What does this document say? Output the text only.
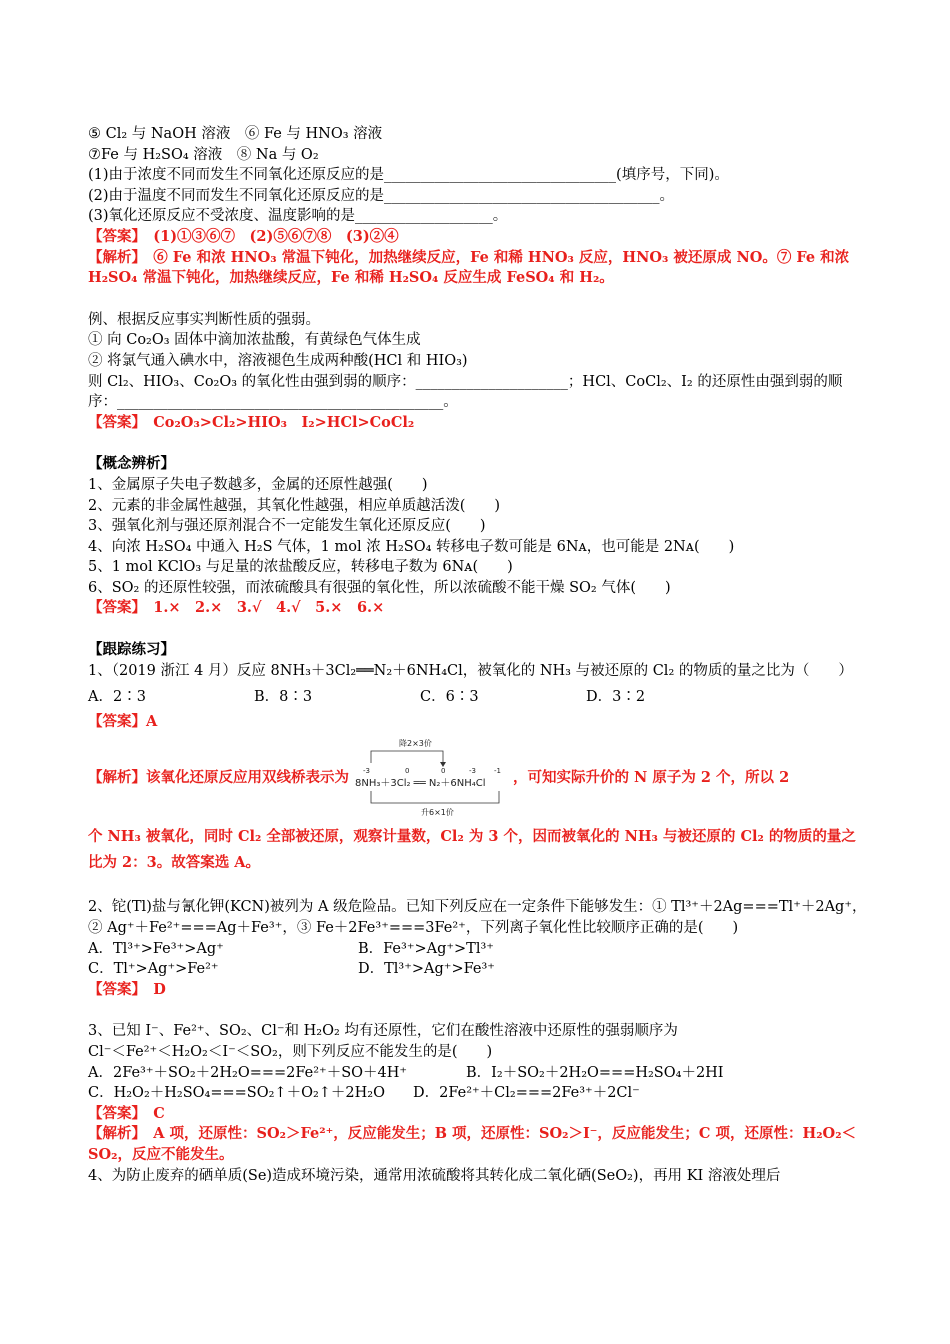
⑤ Cl₂ 与 NaOH 溶液　⑥ Fe 与 HNO₃ 溶液
⑦Fe 与 H₂SO₄ 溶液　⑧ Na 与 O₂
(1)由于浓度不同而发生不同氧化还原反应的是________________________________(填序号，下同)。
(2)由于温度不同而发生不同氧化还原反应的是______________________________________。
(3)氧化还原反应不受浓度、温度影响的是___________________。
【答案】　(1)①③⑥⑦　(2)⑤⑥⑦⑧　(3)②④
【解析】　⑥ Fe 和浓 HNO₃ 常温下钝化，加热继续反应，Fe 和稀 HNO₃ 反应，HNO₃ 被还原成 NO。⑦ Fe 和浓 H₂SO₄ 常温下钝化，加热继续反应，Fe 和稀 H₂SO₄ 反应生成 FeSO₄ 和 H₂。
例、根据反应事实判断性质的强弱。
① 向 Co₂O₃ 固体中滴加浓盐酸，有黄绿色气体生成
② 将氯气通入碘水中，溶液褪色生成两种酸(HCl 和 HIO₃)
则 Cl₂、HIO₃、Co₂O₃ 的氧化性由强到弱的顺序：_____________________；HCl、CoCl₂、I₂ 的还原性由强到弱的顺序：_____________________________________________。
【答案】　Co₂O₃>Cl₂>HIO₃　I₂>HCl>CoCl₂
【概念辨析】
1、金属原子失电子数越多，金属的还原性越强(　　)
2、元素的非金属性越强，其氧化性越强，相应单质越活泼(　　)
3、强氧化剂与强还原剂混合不一定能发生氧化还原反应(　　)
4、向浓 H₂SO₄ 中通入 H₂S 气体，1 mol 浓 H₂SO₄ 转移电子数可能是 6Nᴀ，也可能是 2Nᴀ(　　)
5、1 mol KClO₃ 与足量的浓盐酸反应，转移电子数为 6Nᴀ(　　)
6、SO₂ 的还原性较强，而浓硫酸具有很强的氧化性，所以浓硫酸不能干燥 SO₂ 气体(　　)
【答案】　1.×　2.×　3.√　4.√　5.×　6.×
【跟踪练习】
1、（2019 浙江 4 月）反应 8NH₃＋3Cl₂══N₂＋6NH₄Cl，被氧化的 NH₃ 与被还原的 Cl₂ 的物质的量之比为（　　）
A．2∶3	B．8∶3	C．6∶3	D．3∶2
【答案】A
【解析】该氧化还原反应用双线桥表示为
降2×3价
-3	0	0	-3	-1
8NH₃＋3Cl₂ ══ N₂＋6NH₄Cl
升6×1价
，可知实际升价的 N 原子为 2 个，所以 2
个 NH₃ 被氧化，同时 Cl₂ 全部被还原，观察计量数，Cl₂ 为 3 个，因而被氧化的 NH₃ 与被还原的 Cl₂ 的物质的量之比为 2：3。故答案选 A。
2、铊(Tl)盐与氰化钾(KCN)被列为 A 级危险品。已知下列反应在一定条件下能够发生：① Tl³⁺＋2Ag===Tl⁺＋2Ag⁺，② Ag⁺＋Fe²⁺===Ag＋Fe³⁺，③ Fe＋2Fe³⁺===3Fe²⁺，下列离子氧化性比较顺序正确的是(　　)
A．Tl³⁺>Fe³⁺>Ag⁺	B．Fe³⁺>Ag⁺>Tl³⁺
C．Tl⁺>Ag⁺>Fe²⁺	D．Tl³⁺>Ag⁺>Fe³⁺
【答案】　D
3、已知 I⁻、Fe²⁺、SO₂、Cl⁻和 H₂O₂ 均有还原性，它们在酸性溶液中还原性的强弱顺序为
Cl⁻＜Fe²⁺＜H₂O₂＜I⁻＜SO₂，则下列反应不能发生的是(　　)
A．2Fe³⁺＋SO₂＋2H₂O===2Fe²⁺＋SO＋4H⁺	B．I₂＋SO₂＋2H₂O===H₂SO₄＋2HI
C．H₂O₂＋H₂SO₄===SO₂↑＋O₂↑＋2H₂O	D．2Fe²⁺＋Cl₂===2Fe³⁺＋2Cl⁻
【答案】　C
【解析】　A 项，还原性：SO₂＞Fe²⁺，反应能发生；B 项，还原性：SO₂＞I⁻，反应能发生；C 项，还原性：H₂O₂＜SO₂，反应不能发生。
4、为防止废弃的硒单质(Se)造成环境污染，通常用浓硫酸将其转化成二氧化硒(SeO₂)，再用 KI 溶液处理后
